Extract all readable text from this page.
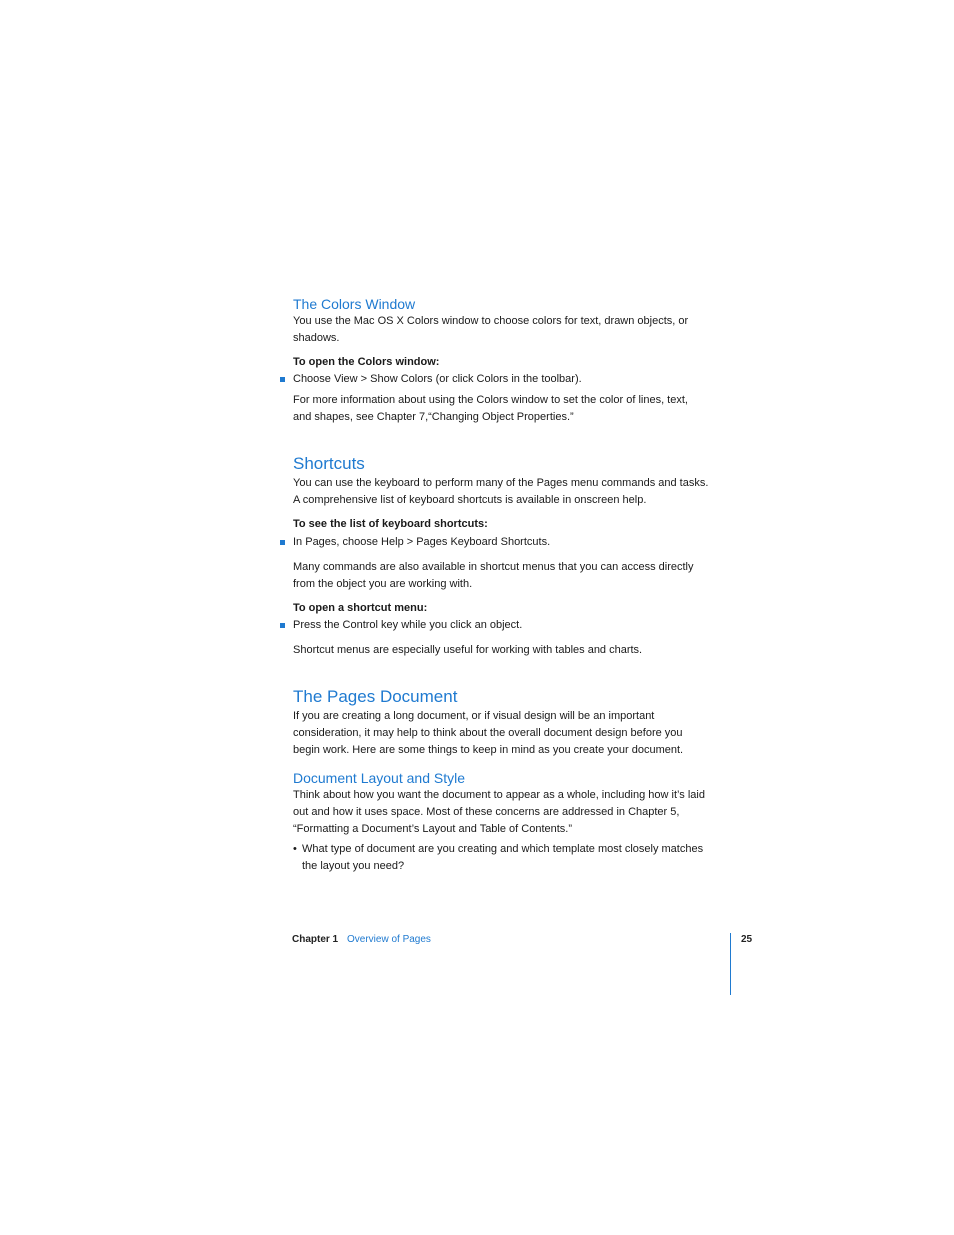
The Colors Window
You use the Mac OS X Colors window to choose colors for text, drawn objects, or
shadows.
To open the Colors window:
Choose View > Show Colors (or click Colors in the toolbar).
For more information about using the Colors window to set the color of lines, text,
and shapes, see Chapter 7,“Changing Object Properties.”
Shortcuts
You can use the keyboard to perform many of the Pages menu commands and tasks.
A comprehensive list of keyboard shortcuts is available in onscreen help.
To see the list of keyboard shortcuts:
In Pages, choose Help > Pages Keyboard Shortcuts.
Many commands are also available in shortcut menus that you can access directly
from the object you are working with.
To open a shortcut menu:
Press the Control key while you click an object.
Shortcut menus are especially useful for working with tables and charts.
The Pages Document
If you are creating a long document, or if visual design will be an important
consideration, it may help to think about the overall document design before you
begin work. Here are some things to keep in mind as you create your document.
Document Layout and Style
Think about how you want the document to appear as a whole, including how it’s laid
out and how it uses space. Most of these concerns are addressed in Chapter 5,
“Formatting a Document’s Layout and Table of Contents.”
• What type of document are you creating and which template most closely matches
the layout you need?
Chapter 1 Overview of Pages	25
